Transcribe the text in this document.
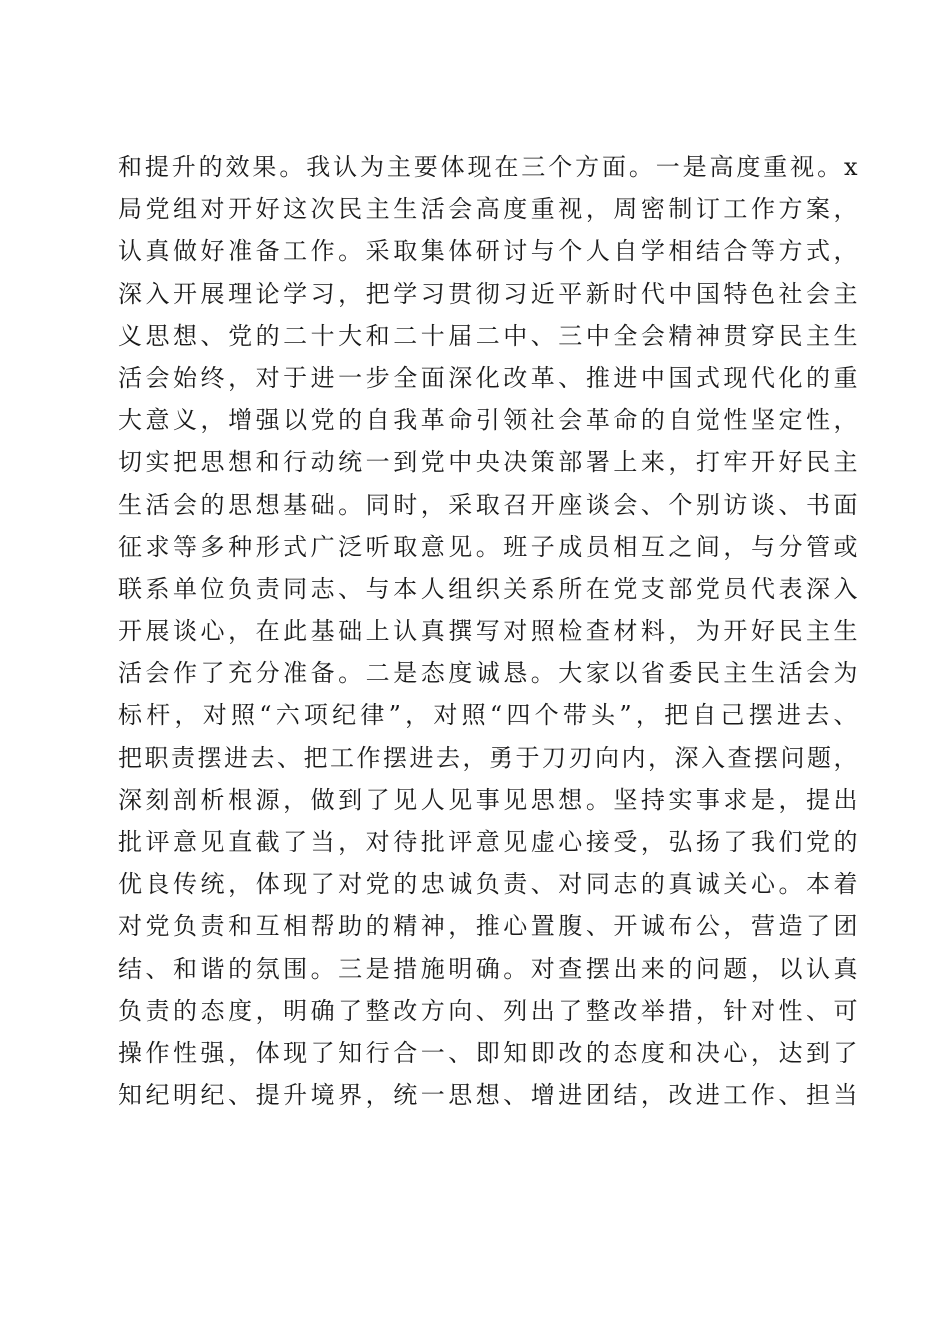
和提升的效果。我认为主要体现在三个方面。一是高度重视。x
局党组对开好这次民主生活会高度重视，周密制订工作方案，
认真做好准备工作。采取集体研讨与个人自学相结合等方式，
深入开展理论学习，把学习贯彻习近平新时代中国特色社会主
义思想、党的二十大和二十届二中、三中全会精神贯穿民主生
活会始终，对于进一步全面深化改革、推进中国式现代化的重
大意义，增强以党的自我革命引领社会革命的自觉性坚定性，
切实把思想和行动统一到党中央决策部署上来，打牢开好民主
生活会的思想基础。同时，采取召开座谈会、个别访谈、书面
征求等多种形式广泛听取意见。班子成员相互之间，与分管或
联系单位负责同志、与本人组织关系所在党支部党员代表深入
开展谈心，在此基础上认真撰写对照检查材料，为开好民主生
活会作了充分准备。二是态度诚恳。大家以省委民主生活会为
标杆，对照“六项纪律”，对照“四个带头”，把自己摆进去、
把职责摆进去、把工作摆进去，勇于刀刃向内，深入查摆问题，
深刻剖析根源，做到了见人见事见思想。坚持实事求是，提出
批评意见直截了当，对待批评意见虚心接受，弘扬了我们党的
优良传统，体现了对党的忠诚负责、对同志的真诚关心。本着
对党负责和互相帮助的精神，推心置腹、开诚布公，营造了团
结、和谐的氛围。三是措施明确。对查摆出来的问题，以认真
负责的态度，明确了整改方向、列出了整改举措，针对性、可
操作性强，体现了知行合一、即知即改的态度和决心，达到了
知纪明纪、提升境界，统一思想、增进团结，改进工作、担当
